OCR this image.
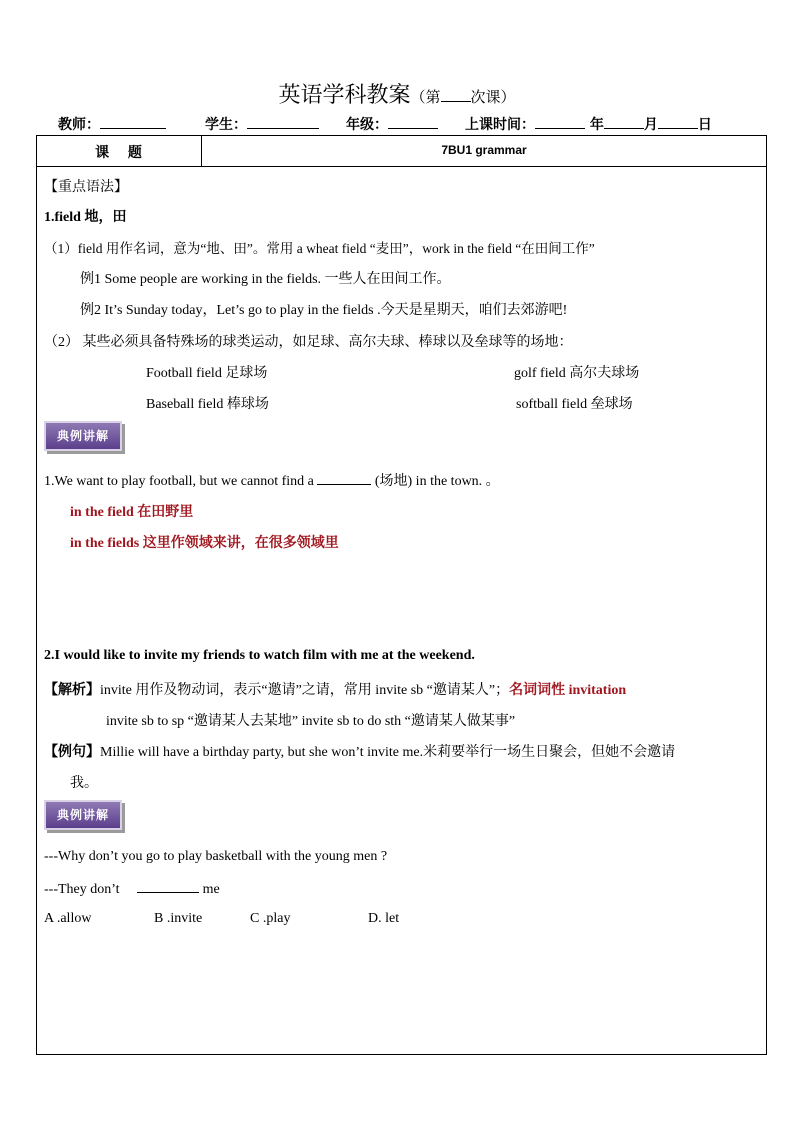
英语学科教案（第 次课）
教师：	学生：	年级：	上课时间：	年	月	日
课 题	7BU1 grammar
【重点语法】
1.field 地，田
（1）field 用作名词，意为“地、田”。常用 a wheat field “麦田”，work in the field “在田间工作”
例1 Some people are working in the fields. 一些人在田间工作。
例2 It’s Sunday today，Let’s go to play in the fields .今天是星期天，咱们去郊游吧!
（2） 某些必须具备特殊场的球类运动，如足球、高尔夫球、棒球以及垒球等的场地：
Football field 足球场	golf field 高尔夫球场
Baseball field 棒球场	softball field 垒球场
典例讲解
1.We want to play football, but we cannot find a	(场地) in the town. 。
in the field 在田野里
in the fields 这里作领域来讲，在很多领域里
2.I would like to invite my friends to watch film with me at the weekend.
【解析】invite 用作及物动词，表示“邀请”之请，常用 invite sb “邀请某人”；名词词性 invitation
invite sb to sp “邀请某人去某地” invite sb to do sth “邀请某人做某事”
【例句】Millie will have a birthday party, but she won’t invite me.米莉要举行一场生日聚会，但她不会邀请
我。
典例讲解
---Why don’t you go to play basketball with the young men ?
---They don’t	me
A .allow	B .invite	C .play	D. let
